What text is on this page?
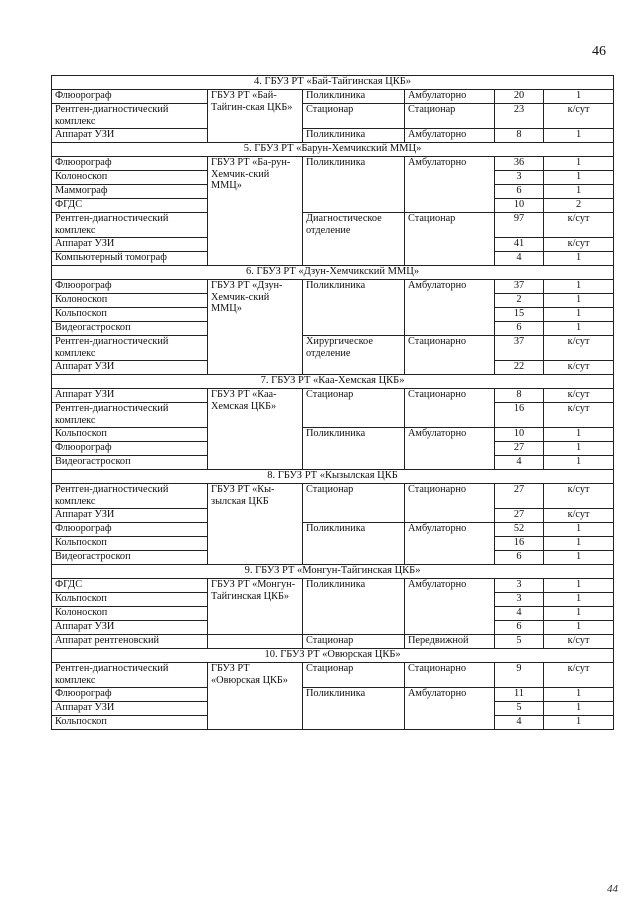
46
4. ГБУЗ РТ «Бай-Тайгинская ЦКБ»					
Флюорограф	ГБУЗ РТ «Бай- Тайгин-ская ЦКБ»	Поликлиника	Амбулаторно	20	1
Рентген-диагностический комплекс		Стационар	Стационар	23	к/сут
Аппарат УЗИ		Поликлиника	Амбулаторно	8	1
5. ГБУЗ РТ «Барун-Хемчикский ММЦ»					
Флюорограф	ГБУЗ РТ «Ба-рун- Хемчик-ский ММЦ»	Поликлиника	Амбулаторно	36	1
Колоноскоп				3	1
Маммограф				6	1
ФГДС				10	2
Рентген-диагностический комплекс		Диагностическое отделение	Стационар	97	к/сут
Аппарат УЗИ				41	к/сут
Компьютерный томограф				4	1
6. ГБУЗ РТ «Дзун-Хемчикский ММЦ»					
Флюорограф	ГБУЗ РТ «Дзун-Хемчик-ский ММЦ»	Поликлиника	Амбулаторно	37	1
Колоноскоп				2	1
Кольпоскоп				15	1
Видеогастроскоп				6	1
Рентген-диагностический комплекс		Хирургическое отделение	Стационарно	37	к/сут
Аппарат УЗИ				22	к/сут
7. ГБУЗ РТ «Каа-Хемская ЦКБ»					
Аппарат УЗИ	ГБУЗ РТ «Каа-Хемская ЦКБ»	Стационар	Стационарно	8	к/сут
Рентген-диагностический комплекс				16	к/сут
Кольпоскоп		Поликлиника	Амбулаторно	10	1
Флюорограф				27	1
Видеогастроскоп				4	1
8. ГБУЗ РТ «Кызылская ЦКБ					
Рентген-диагностический комплекс	ГБУЗ РТ «Кы-зылская ЦКБ	Стационар	Стационарно	27	к/сут
Аппарат УЗИ				27	к/сут
Флюорограф		Поликлиника	Амбулаторно	52	1
Кольпоскоп				16	1
Видеогастроскоп				6	1
9. ГБУЗ РТ «Монгун-Тайгинская ЦКБ»					
ФГДС	ГБУЗ РТ «Монгун-Тайгинская ЦКБ»	Поликлиника	Амбулаторно	3	1
Кольпоскоп				3	1
Колоноскоп				4	1
Аппарат УЗИ				6	1
Аппарат рентгеновский		Стационар	Передвижной	5	к/сут
10. ГБУЗ РТ «Овюрская ЦКБ»					
Рентген-диагностический комплекс	ГБУЗ РТ «Овюрская ЦКБ»	Стационар	Стационарно	9	к/сут
Флюорограф		Поликлиника	Амбулаторно	11	1
Аппарат УЗИ				5	1
Кольпоскоп				4	1
44
